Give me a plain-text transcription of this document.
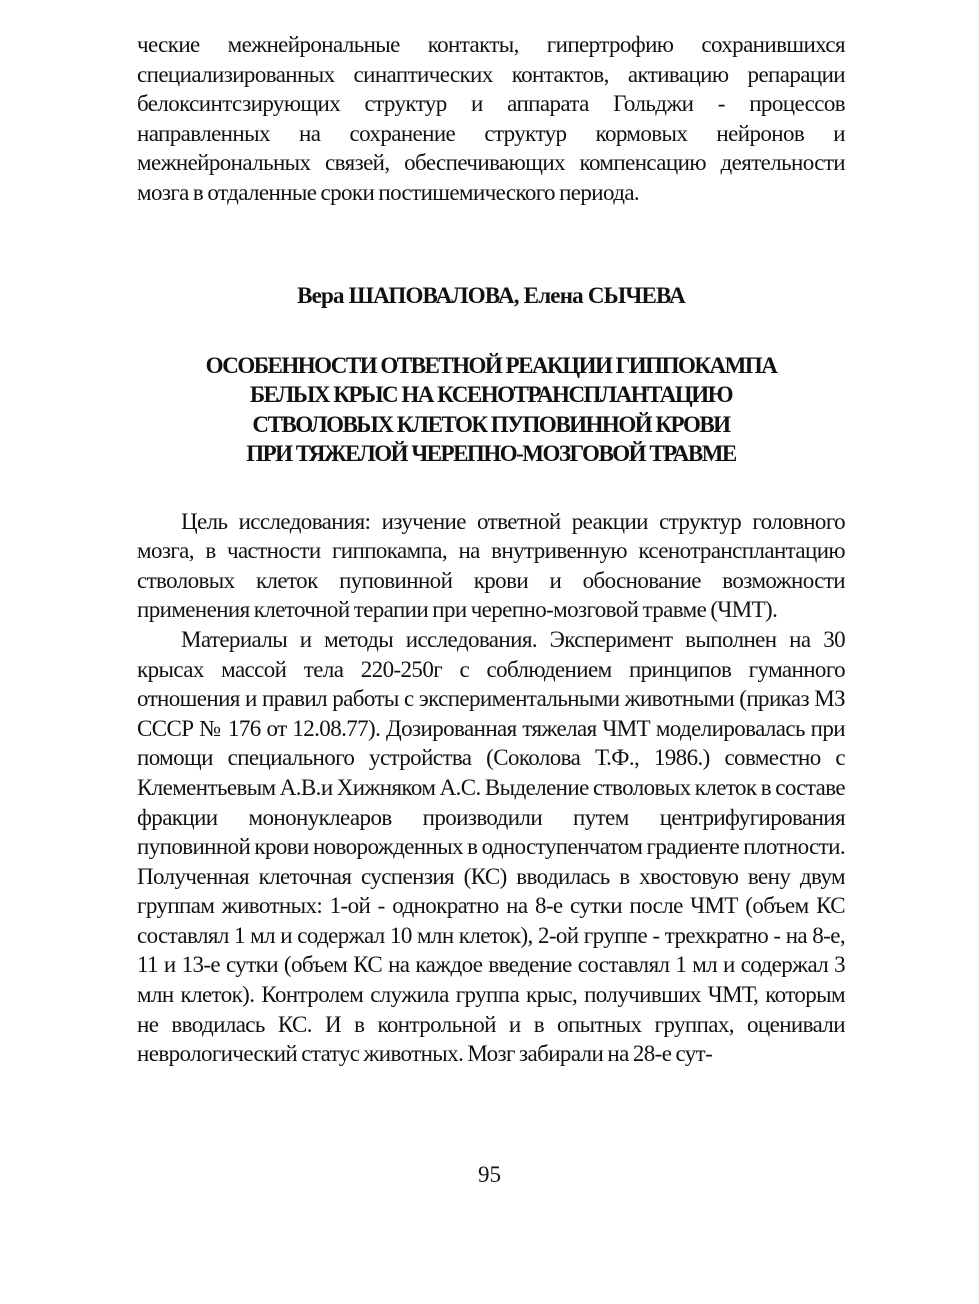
ческие межнейрональные контакты, гипертрофию сохранившихся специализированных синаптических контактов, активацию репарации белоксинтсзирующих структур и аппарата Гольджи - процессов направленных на сохранение структур кормовых нейронов и межнейрональных связей, обеспечивающих компенсацию деятельности мозга в отдаленные сроки постишемического периода.

Вера ШАПОВАЛОВА, Елена СЫЧЕВА
ОСОБЕННОСТИ ОТВЕТНОЙ РЕАКЦИИ ГИППОКАМПА
БЕЛЫХ КРЫС НА КСЕНОТРАНСПЛАНТАЦИЮ
СТВОЛОВЫХ КЛЕТОК ПУПОВИННОЙ КРОВИ
ПРИ ТЯЖЕЛОЙ ЧЕРЕПНО-МОЗГОВОЙ ТРАВМЕ

Цель исследования: изучение ответной реакции структур головного мозга, в частности гиппокампа, на внутривенную ксенотрансплантацию стволовых клеток пуповинной крови и обоснование возможности применения клеточной терапии при черепно-мозговой травме (ЧМТ).

Материалы и методы исследования. Эксперимент выполнен на 30 крысах массой тела 220-250г с соблюдением принципов гуманного отношения и правил работы с экспериментальными животными (приказ МЗ СССР № 176 от 12.08.77). Дозированная тяжелая ЧМТ моделировалась при помощи специального устройства (Соколова Т.Ф., 1986.) совместно с Клементьевым А.В.и Хижняком А.С. Выделение стволовых клеток в составе фракции мононуклеаров производили путем центрифугирования пуповинной крови новорожденных в одноступенчатом градиенте плотности. Полученная клеточная суспензия (КС) вводилась в хвостовую вену двум группам животных: 1-ой - однократно на 8-е сутки после ЧМТ (объем КС составлял 1 мл и содержал 10 млн клеток), 2-ой группе - трехкратно - на 8-е, 11 и 13-е сутки (объем КС на каждое введение составлял 1 мл и содержал 3 млн клеток). Контролем служила группа крыс, получивших ЧМТ, которым не вводилась КС. И в контрольной и в опытных группах, оценивали неврологический статус животных. Мозг забирали на 28-е сут-

95
